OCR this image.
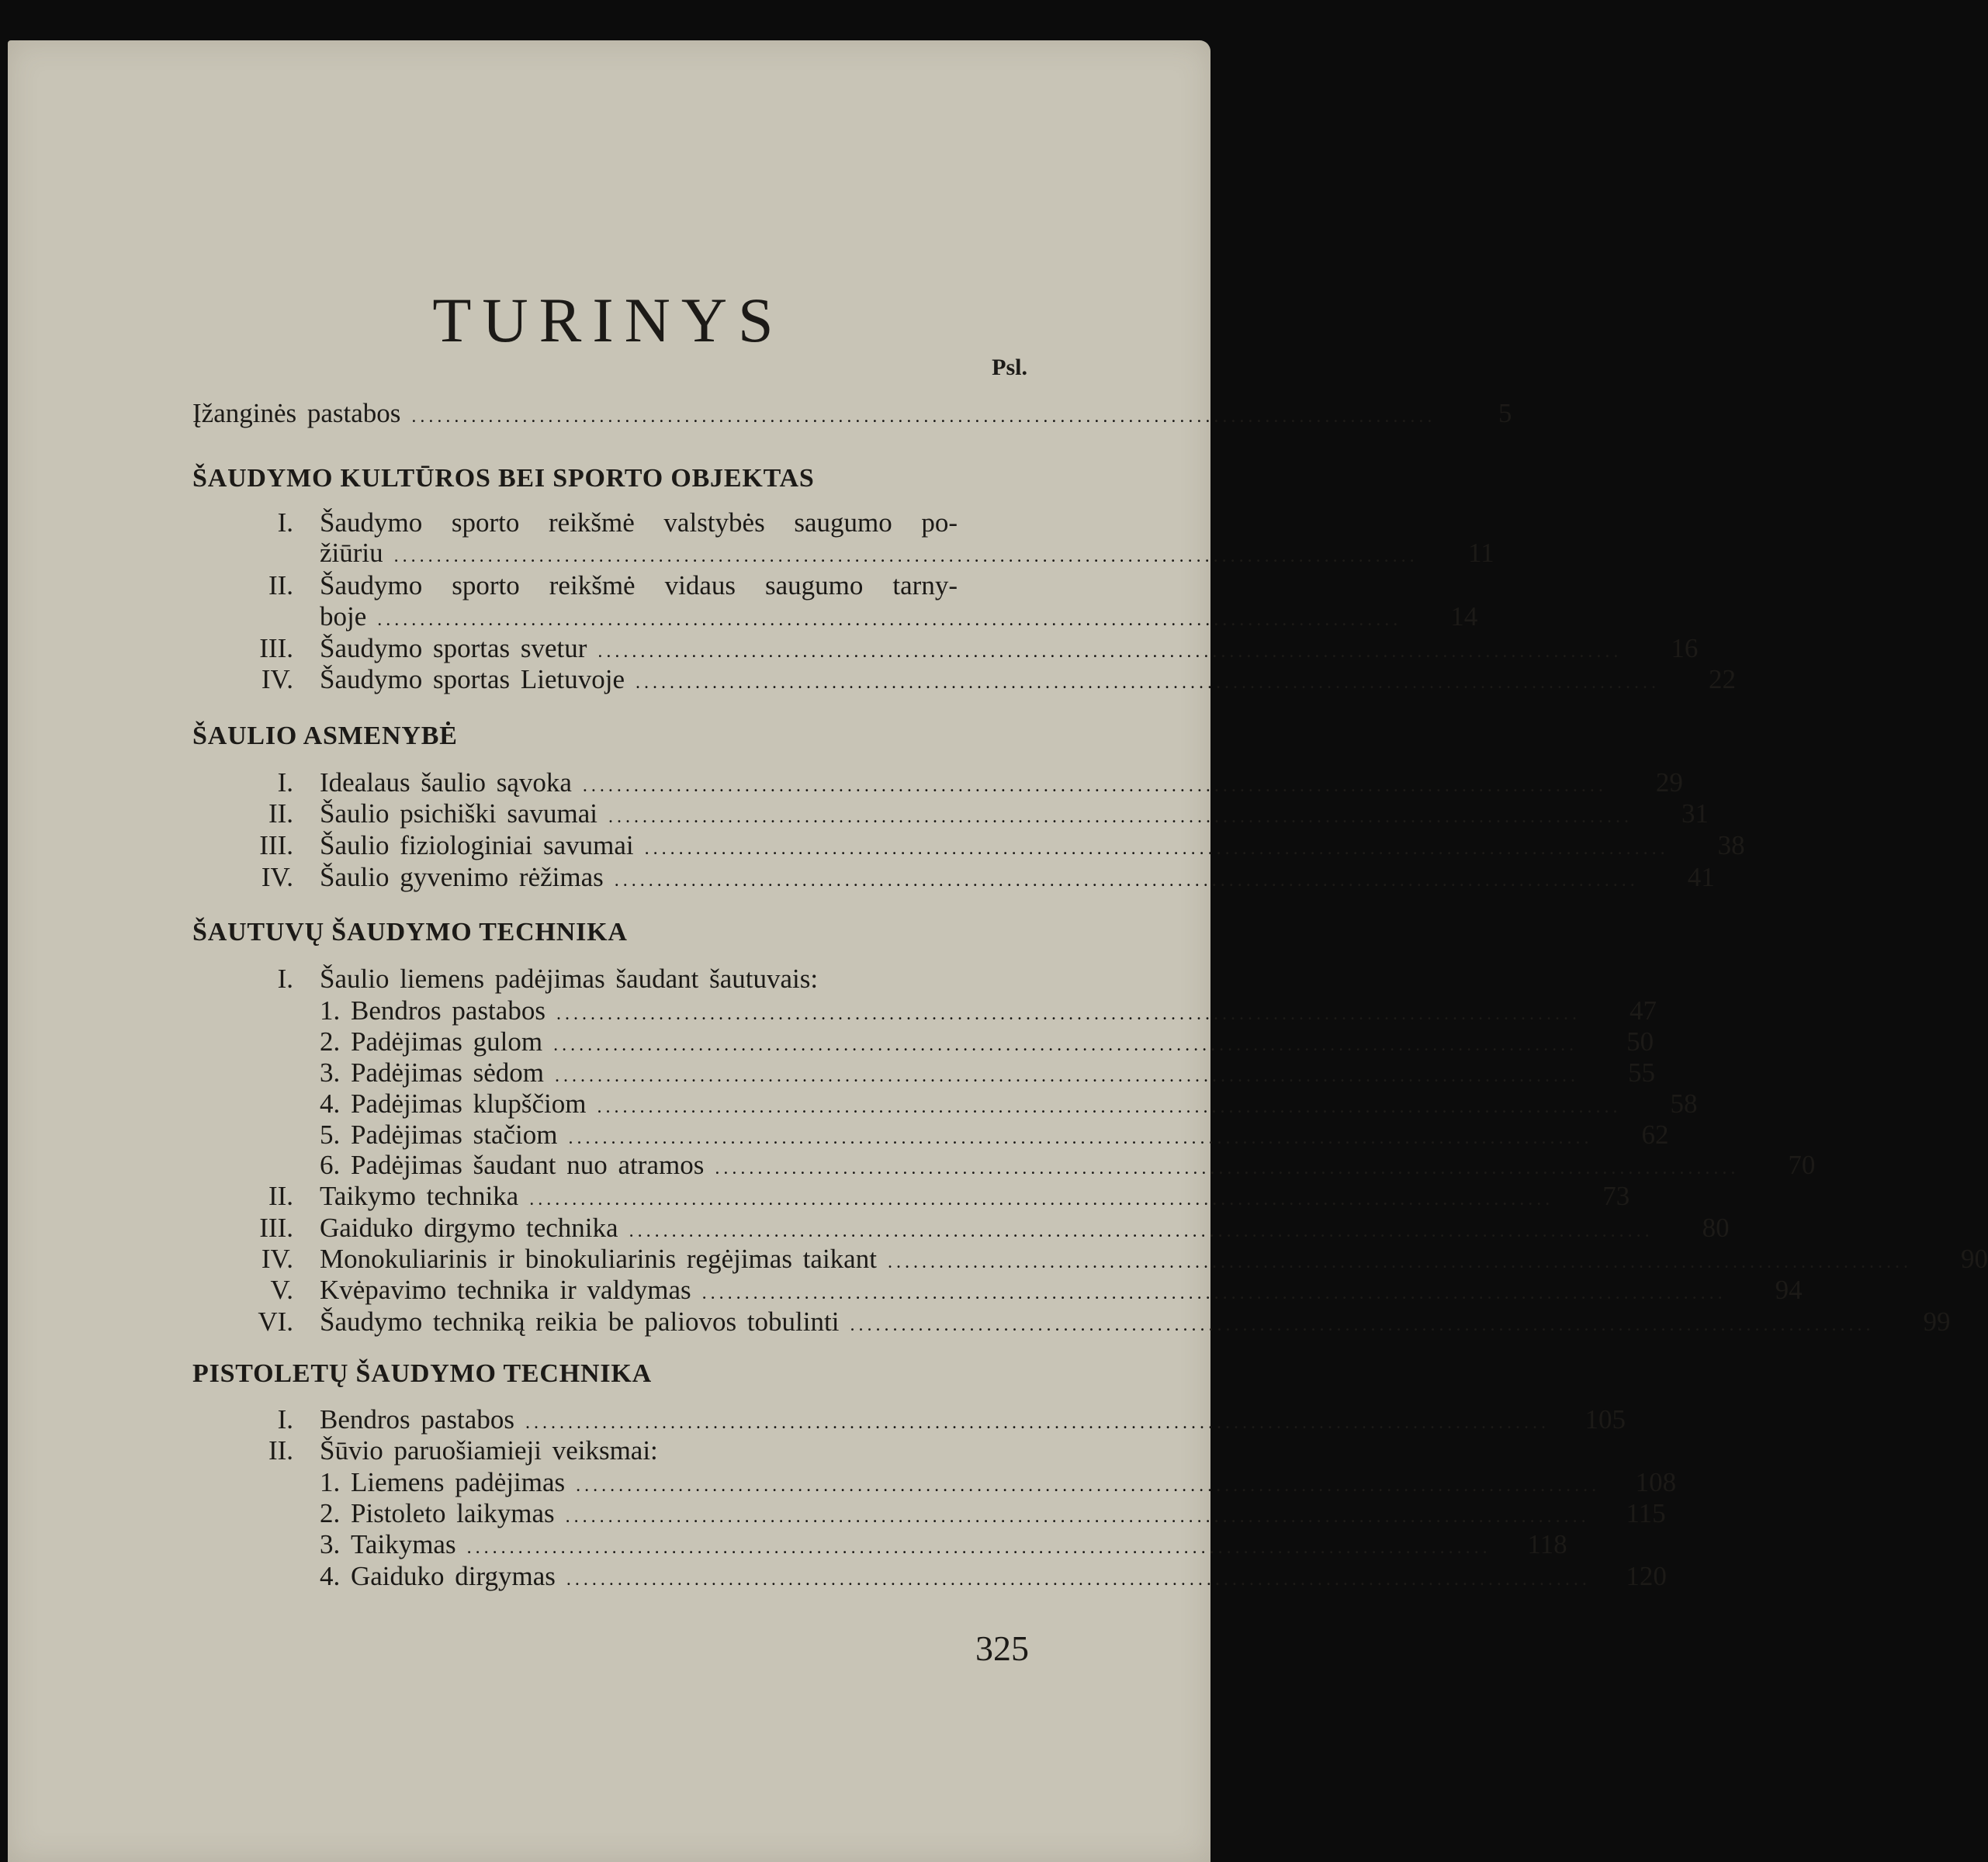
TURINYS
Psl.
Įžanginės pastabos ........................................................................................................................	5
ŠAUDYMO KULTŪROS BEI SPORTO OBJEKTAS
I. Šaudymo sporto reikšmė valstybės saugumo po-
žiūriu ........................................................................................................................	11
II. Šaudymo sporto reikšmė vidaus saugumo tarny-
boje ........................................................................................................................	14
III. Šaudymo sportas svetur ........................................................................................................................	16
IV. Šaudymo sportas Lietuvoje ........................................................................................................................	22
ŠAULIO ASMENYBĖ
I. Idealaus šaulio sąvoka ........................................................................................................................	29
II. Šaulio psichiški savumai ........................................................................................................................	31
III. Šaulio fiziologiniai savumai ........................................................................................................................	38
IV. Šaulio gyvenimo rėžimas ........................................................................................................................	41
ŠAUTUVŲ ŠAUDYMO TECHNIKA
I. Šaulio liemens padėjimas šaudant šautuvais:
1. Bendros pastabos ........................................................................................................................	47
2. Padėjimas gulom ........................................................................................................................	50
3. Padėjimas sėdom ........................................................................................................................	55
4. Padėjimas klupščiom ........................................................................................................................	58
5. Padėjimas stačiom ........................................................................................................................	62
6. Padėjimas šaudant nuo atramos ........................................................................................................................	70
II. Taikymo technika ........................................................................................................................	73
III. Gaiduko dirgymo technika ........................................................................................................................	80
IV. Monokuliarinis ir binokuliarinis regėjimas taikant ........................................................................................................................	90
V. Kvėpavimo technika ir valdymas ........................................................................................................................	94
VI. Šaudymo techniką reikia be paliovos tobulinti ........................................................................................................................	99
PISTOLETŲ ŠAUDYMO TECHNIKA
I. Bendros pastabos ........................................................................................................................	105
II. Šūvio paruošiamieji veiksmai:
1. Liemens padėjimas ........................................................................................................................	108
2. Pistoleto laikymas ........................................................................................................................	115
3. Taikymas ........................................................................................................................	118
4. Gaiduko dirgymas ........................................................................................................................	120
325
